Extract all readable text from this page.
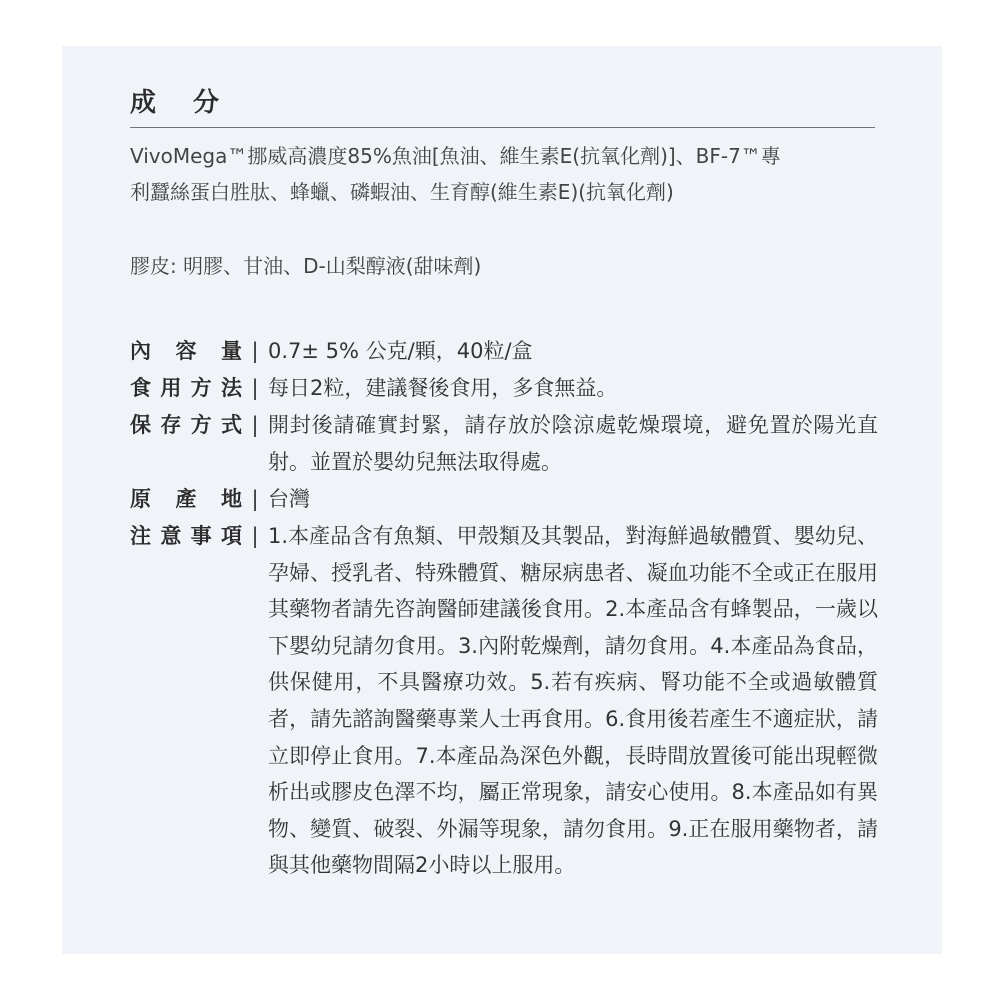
成 分
VivoMega™挪威高濃度85%魚油[魚油、維生素E(抗氧化劑)]、BF-7™專
利蠶絲蛋白胜肽、蜂蠟、磷蝦油、生育醇(維生素E)(抗氧化劑)
膠皮: 明膠、甘油、D-山梨醇液(甜味劑)
內 容 量 | 0.7± 5% 公克/顆，40粒/盒
食 用 方 法 | 每日2粒，建議餐後食用，多食無益。
保 存 方 式 | 開封後請確實封緊，請存放於陰涼處乾燥環境，避免置於陽光直射。並置於嬰幼兒無法取得處。
原 產 地 | 台灣
注 意 事 項 | 1.本產品含有魚類、甲殼類及其製品，對海鮮過敏體質、嬰幼兒、孕婦、授乳者、特殊體質、糖尿病患者、凝血功能不全或正在服用其藥物者請先咨詢醫師建議後食用。2.本產品含有蜂製品，一歲以下嬰幼兒請勿食用。3.內附乾燥劑，請勿食用。4.本產品為食品，供保健用，不具醫療功效。5.若有疾病、腎功能不全或過敏體質者，請先諮詢醫藥專業人士再食用。6.食用後若產生不適症狀，請立即停止食用。7.本產品為深色外觀，長時間放置後可能出現輕微析出或膠皮色澤不均，屬正常現象，請安心使用。8.本產品如有異物、變質、破裂、外漏等現象，請勿食用。9.正在服用藥物者，請與其他藥物間隔2小時以上服用。
